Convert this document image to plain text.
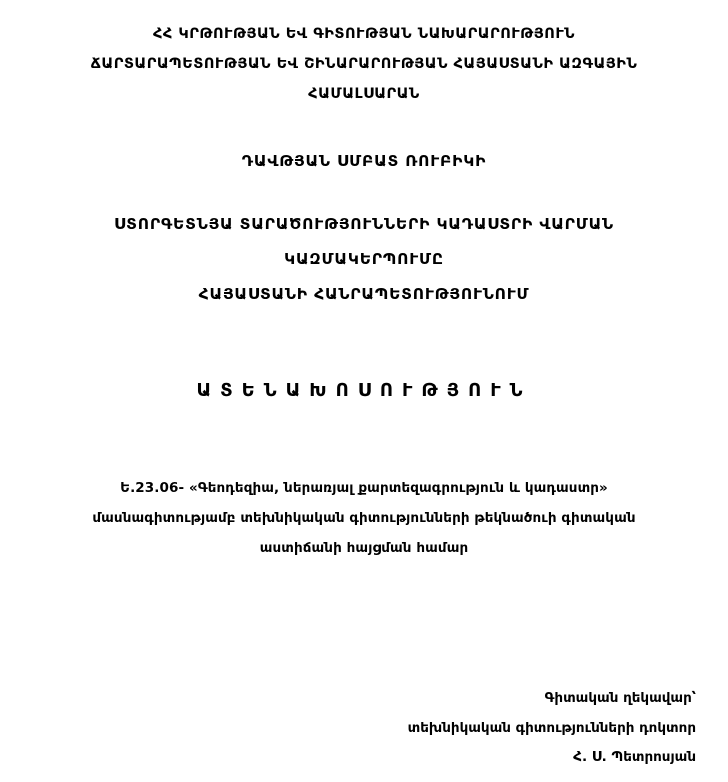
ՀՀ ԿՐԹՈՒԹՅԱՆ ԵՎ ԳԻՏՈՒԹՅԱՆ ՆԱԽԱՐԱՐՈՒԹՅՈՒՆ
ՃԱՐՏԱՐԱՊԵՏՈՒԹՅԱՆ ԵՎ ՇԻՆԱՐԱՐՈՒԹՅԱՆ ՀԱՅԱՍՏԱՆԻ ԱԶԳԱՅԻՆ
ՀԱՄԱԼՍԱՐԱՆ
ԴԱՎԹՅԱՆ ՍՄԲԱՏ ՌՈՒԲԻԿԻ
ՍՏՈՐԳԵՏՆՅԱ ՏԱՐԱԾՈՒԹՅՈՒՆՆԵՐԻ ԿԱԴԱՍՏՐԻ ՎԱՐՄԱՆ
ԿԱԶՄԱԿԵՐՊՈՒՄԸ
ՀԱՅԱՍՏԱՆԻ ՀԱՆՐԱՊԵՏՈՒԹՅՈՒՆՈՒՄ
ԱՏԵՆԱԽՈՍՈՒԹՅՈՒՆ
Ե.23.06- «Գեոդեզիա, ներառյալ քարտեզագրություն և կադաստր»
մասնագիտությամբ տեխնիկական գիտությունների թեկնածուի գիտական
աստիճանի հայցման համար
Գիտական ղեկավար՝
տեխնիկական գիտությունների դոկտոր
Հ. Ս. Պետրոսյան
